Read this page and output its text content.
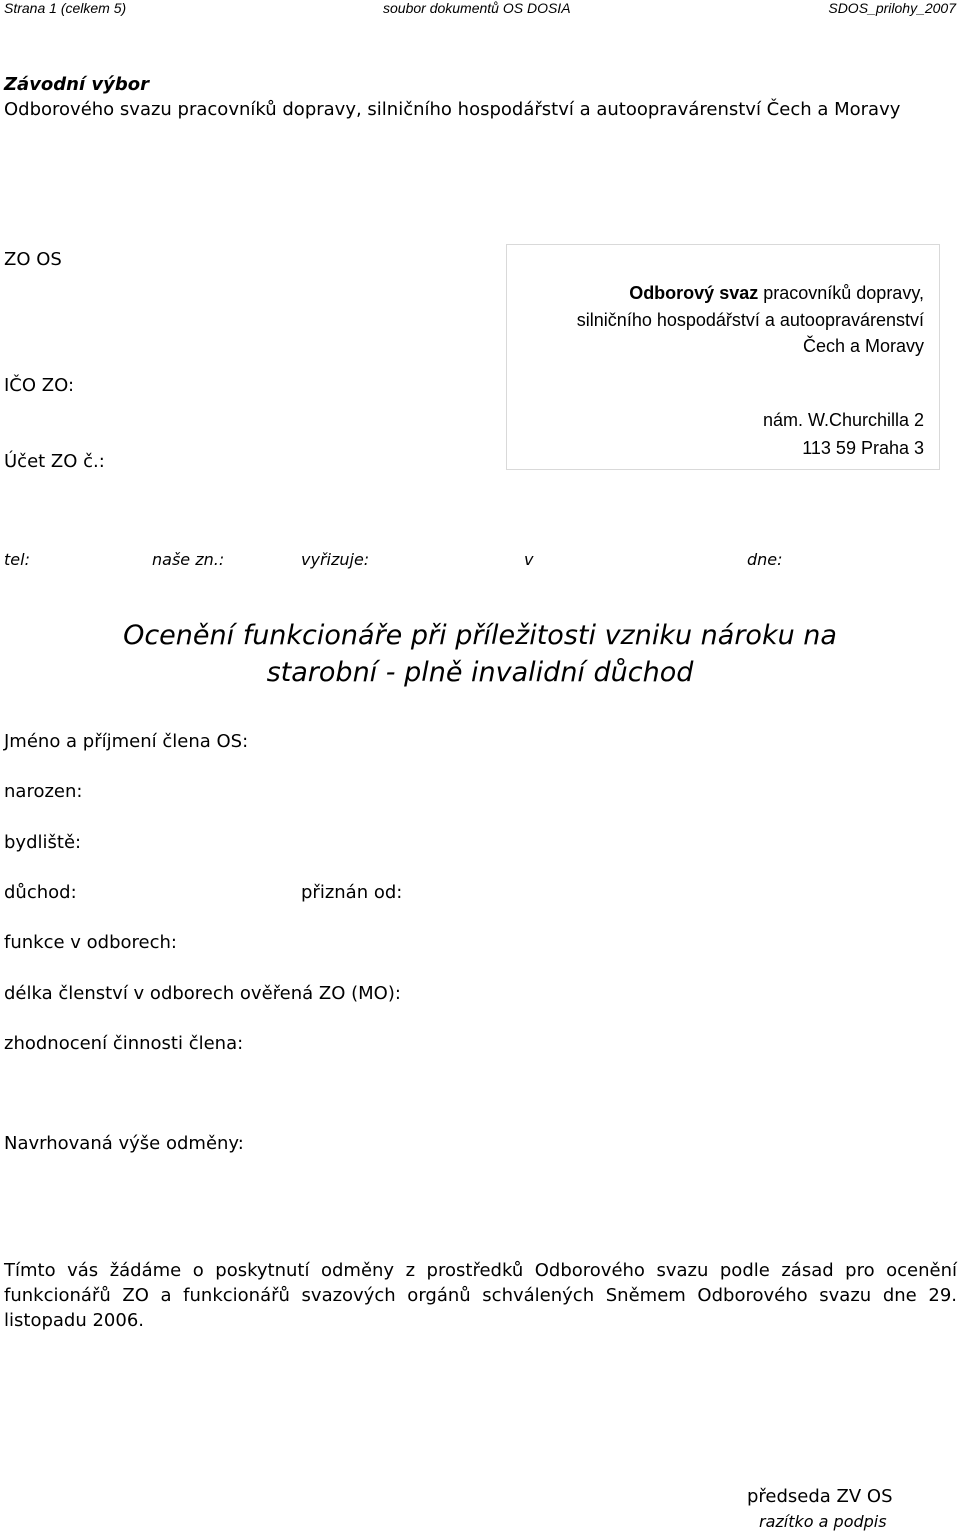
Strana 1 (celkem 5)	soubor dokumentů OS DOSIA	SDOS_prilohy_2007
Závodní výbor
Odborového svazu pracovníků dopravy, silničního hospodářství a autoopravárenství Čech a Moravy
ZO OS
IČO ZO:
Účet ZO č.:
Odborový svaz pracovníků dopravy,
silničního hospodářství a autoopravárenství
Čech a Moravy
nám. W.Churchilla 2
113 59 Praha 3
tel:	naše zn.:	vyřizuje:	v	dne:
Ocenění funkcionáře při příležitosti vzniku nároku na
starobní - plně invalidní důchod
Jméno a příjmení člena OS:
narozen:
bydliště:
důchod:	přiznán od:
funkce v odborech:
délka členství v odborech ověřená ZO (MO):
zhodnocení činnosti člena:
Navrhovaná výše odměny:
Tímto vás žádáme o poskytnutí odměny z prostředků Odborového svazu podle zásad pro ocenění
funkcionářů ZO a funkcionářů svazových orgánů schválených Sněmem Odborového svazu dne 29.
listopadu 2006.
předseda ZV OS
razítko a podpis
